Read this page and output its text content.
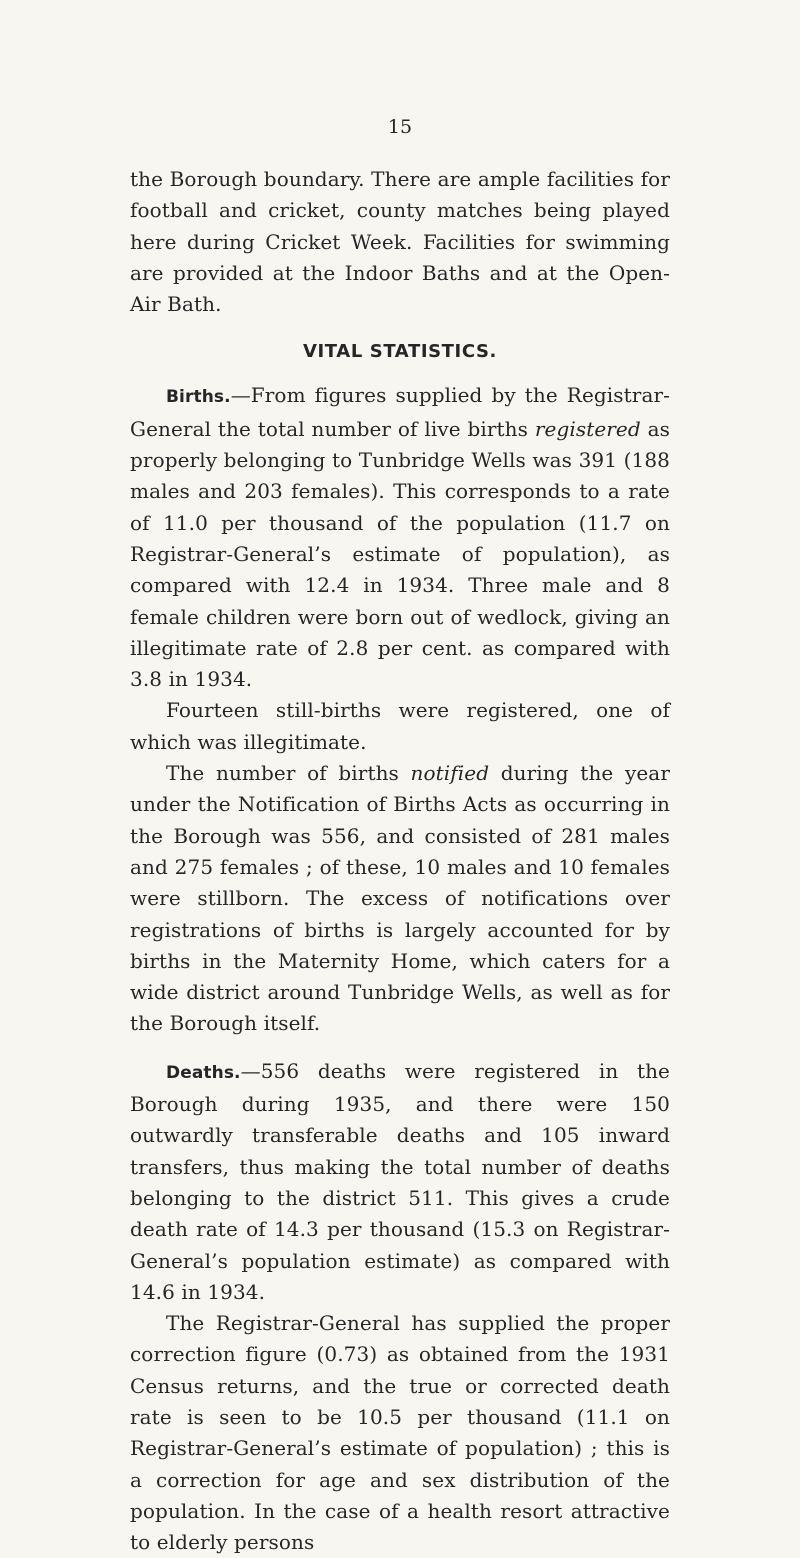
15

the Borough boundary. There are ample facilities for football and cricket, county matches being played here during Cricket Week. Facilities for swimming are provided at the Indoor Baths and at the Open-Air Bath.

VITAL STATISTICS.

Births.—From figures supplied by the Registrar-General the total number of live births registered as properly belonging to Tunbridge Wells was 391 (188 males and 203 females). This corresponds to a rate of 11.0 per thousand of the population (11.7 on Registrar-General’s estimate of population), as compared with 12.4 in 1934. Three male and 8 female children were born out of wedlock, giving an illegitimate rate of 2.8 per cent. as compared with 3.8 in 1934.

Fourteen still-births were registered, one of which was illegitimate.

The number of births notified during the year under the Notification of Births Acts as occurring in the Borough was 556, and consisted of 281 males and 275 females ; of these, 10 males and 10 females were stillborn. The excess of notifications over registrations of births is largely accounted for by births in the Maternity Home, which caters for a wide district around Tunbridge Wells, as well as for the Borough itself.

Deaths.—556 deaths were registered in the Borough during 1935, and there were 150 outwardly transferable deaths and 105 inward transfers, thus making the total number of deaths belonging to the district 511. This gives a crude death rate of 14.3 per thousand (15.3 on Registrar-General’s population estimate) as compared with 14.6 in 1934.

The Registrar-General has supplied the proper correction figure (0.73) as obtained from the 1931 Census returns, and the true or corrected death rate is seen to be 10.5 per thousand (11.1 on Registrar-General’s estimate of population) ; this is a correction for age and sex distribution of the population. In the case of a health resort attractive to elderly persons
